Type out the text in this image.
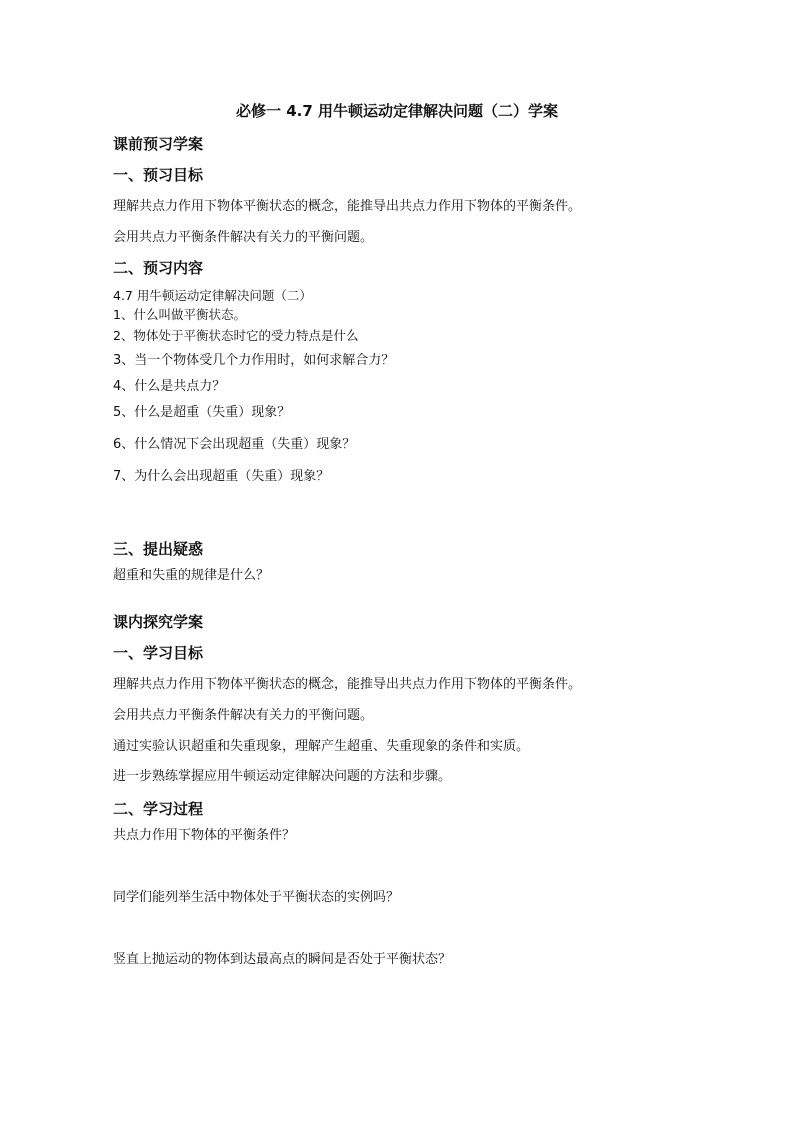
必修一 4.7 用牛顿运动定律解决问题（二）学案
课前预习学案
一、预习目标
理解共点力作用下物体平衡状态的概念，能推导出共点力作用下物体的平衡条件。
会用共点力平衡条件解决有关力的平衡问题。
二、预习内容
4.7 用牛顿运动定律解决问题（二）
1、什么叫做平衡状态。
2、物体处于平衡状态时它的受力特点是什么
3、当一个物体受几个力作用时，如何求解合力？
4、什么是共点力？
5、什么是超重（失重）现象？
6、什么情况下会出现超重（失重）现象？
7、为什么会出现超重（失重）现象？
三、提出疑惑
超重和失重的规律是什么？
课内探究学案
一、学习目标
理解共点力作用下物体平衡状态的概念，能推导出共点力作用下物体的平衡条件。
会用共点力平衡条件解决有关力的平衡问题。
通过实验认识超重和失重现象，理解产生超重、失重现象的条件和实质。
进一步熟练掌握应用牛顿运动定律解决问题的方法和步骤。
二、学习过程
共点力作用下物体的平衡条件？
同学们能列举生活中物体处于平衡状态的实例吗？
竖直上抛运动的物体到达最高点的瞬间是否处于平衡状态？
